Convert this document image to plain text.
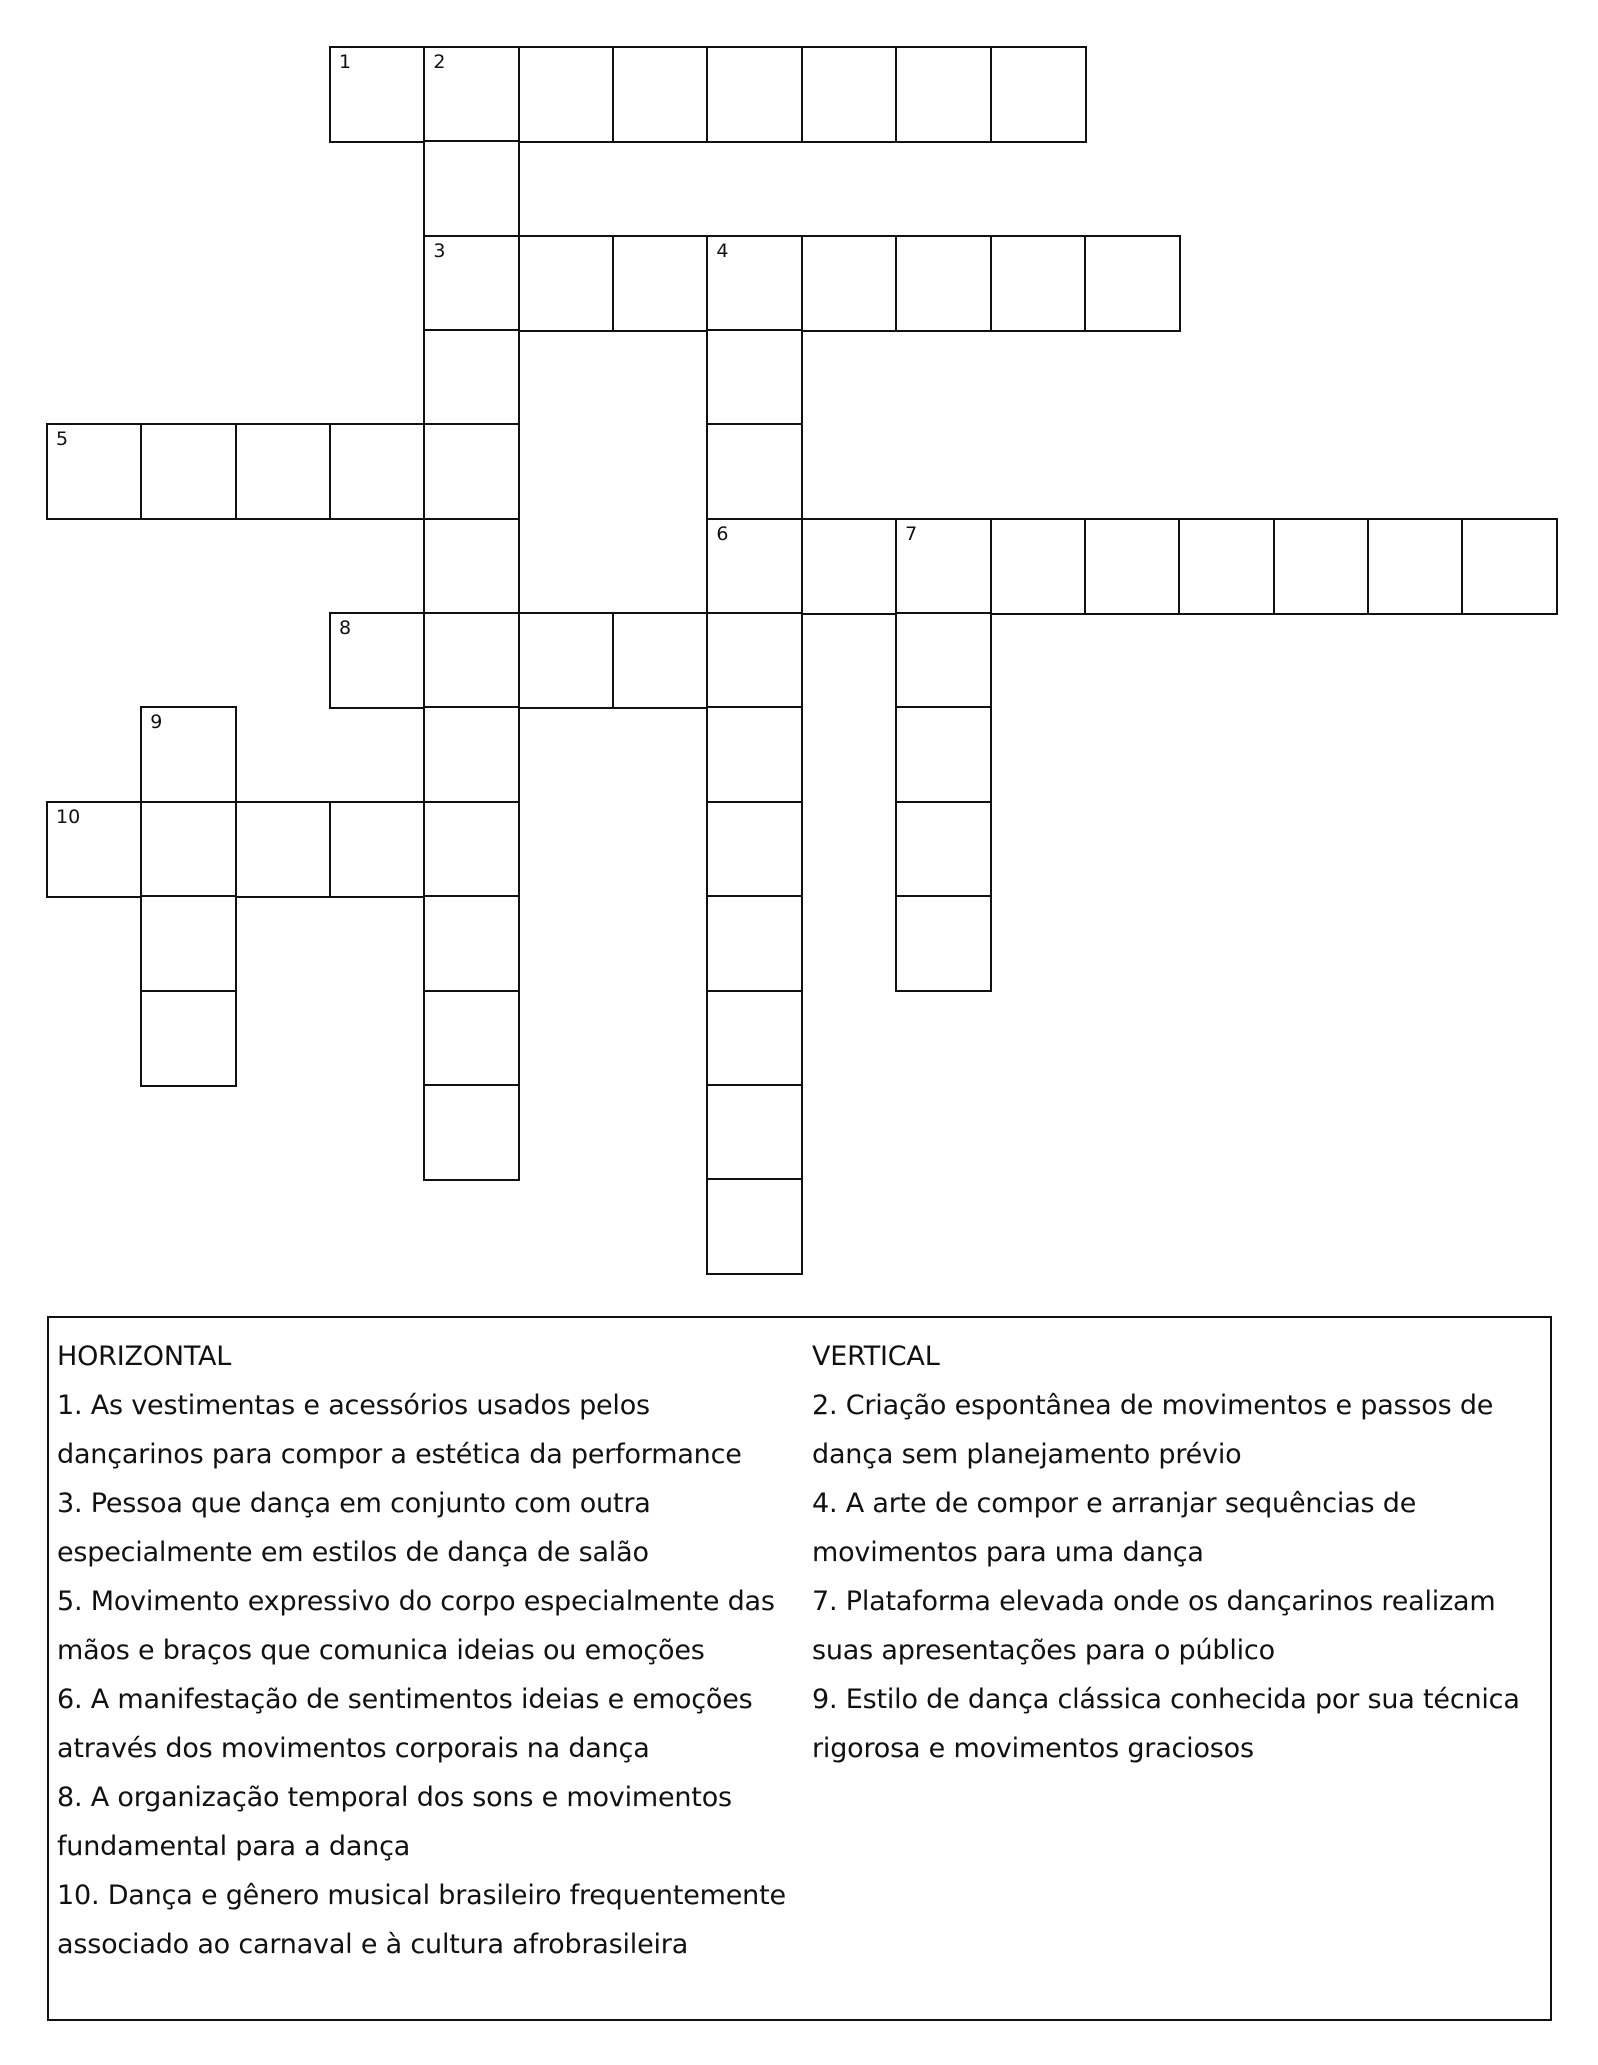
1	2
3	4
5
6	7
8
9
10
HORIZONTAL
1. As vestimentas e acessórios usados pelos
dançarinos para compor a estética da performance
3. Pessoa que dança em conjunto com outra
especialmente em estilos de dança de salão
5. Movimento expressivo do corpo especialmente das
mãos e braços que comunica ideias ou emoções
6. A manifestação de sentimentos ideias e emoções
através dos movimentos corporais na dança
8. A organização temporal dos sons e movimentos
fundamental para a dança
10. Dança e gênero musical brasileiro frequentemente
associado ao carnaval e à cultura afrobrasileira
VERTICAL
2. Criação espontânea de movimentos e passos de
dança sem planejamento prévio
4. A arte de compor e arranjar sequências de
movimentos para uma dança
7. Plataforma elevada onde os dançarinos realizam
suas apresentações para o público
9. Estilo de dança clássica conhecida por sua técnica
rigorosa e movimentos graciosos
